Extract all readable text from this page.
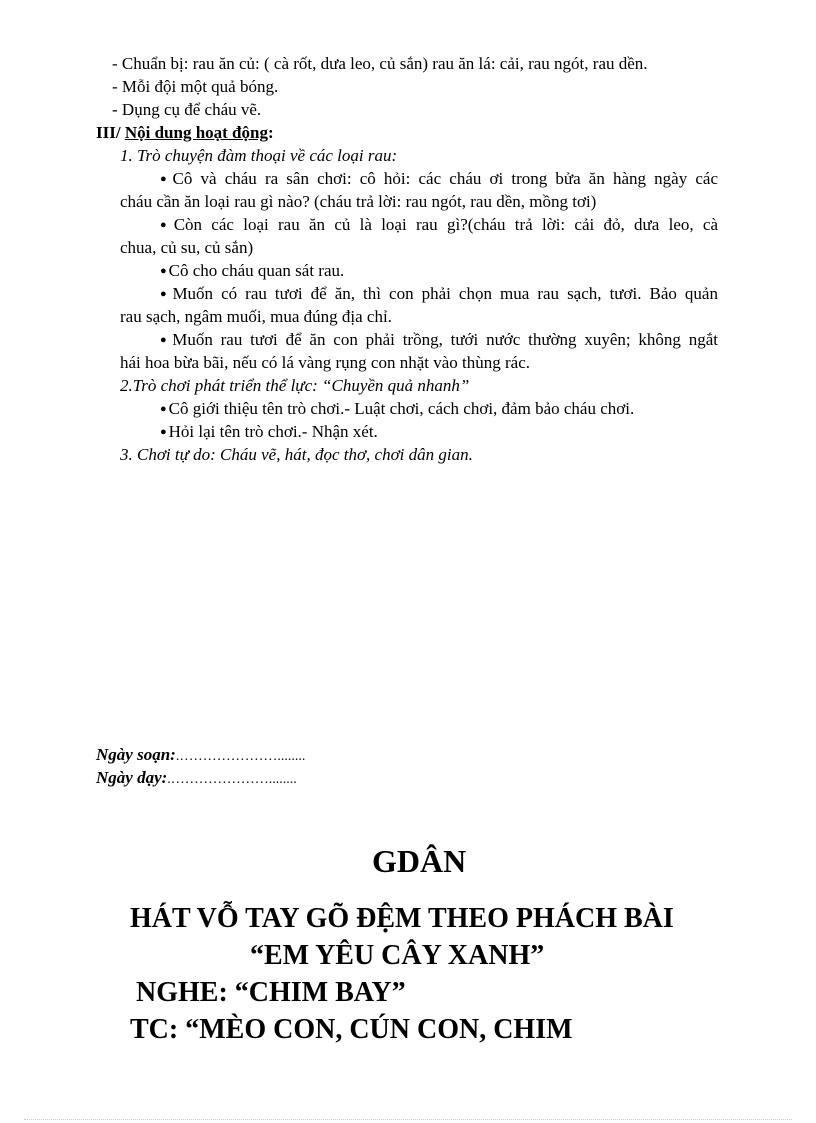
- Chuẩn bị: rau ăn củ: ( cà rốt, dưa leo, củ sắn) rau ăn lá: cải, rau ngót, rau dền.
- Mỗi đội một quả bóng.
- Dụng cụ để cháu vẽ.
III/ Nội dung hoạt động:
1. Trò chuyện đàm thoại về các loại rau:
● Cô và cháu ra sân chơi: cô hỏi: các cháu ơi trong bửa ăn hàng ngày các
cháu cần ăn loại rau gì nào? (cháu trả lời: rau ngót, rau dền, mồng tơi)
● Còn các loại rau ăn củ là loại rau gì?(cháu trả lời: cải đỏ, dưa leo, cà
chua, củ su, củ sắn)
● Cô cho cháu quan sát rau.
● Muốn có rau tươi để ăn, thì con phải chọn mua rau sạch, tươi. Bảo quản
rau sạch, ngâm muối, mua đúng địa chỉ.
● Muốn rau tươi để ăn con phải trồng, tưới nước thường xuyên; không ngắt
hái hoa bừa bãi, nếu có lá vàng rụng con nhặt vào thùng rác.
2.Trò chơi phát triển thể lực: “Chuyền quả nhanh”
● Cô giới thiệu tên trò chơi.- Luật chơi, cách chơi, đảm bảo cháu chơi.
● Hỏi lại tên trò chơi.- Nhận xét.
3. Chơi tự do: Cháu vẽ, hát, đọc thơ, chơi dân gian.
Ngày soạn:.…………………........
Ngày dạy:.…………………........
GDÂN
HÁT VỖ TAY GÕ ĐỆM THEO PHÁCH BÀI
“EM YÊU CÂY XANH”
NGHE: “CHIM BAY”
TC: “MÈO CON, CÚN CON, CHIM
